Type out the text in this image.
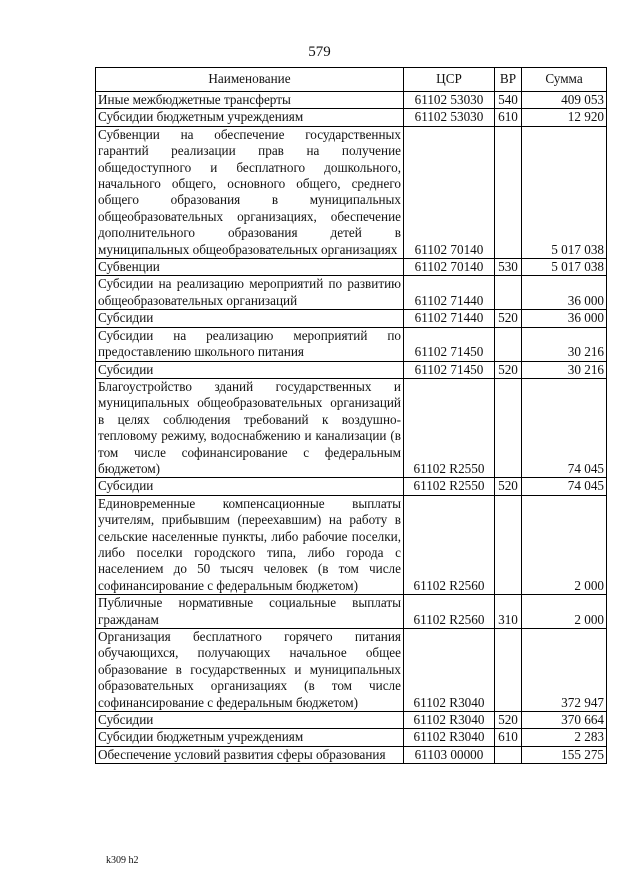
579
Наименование	ЦСР	ВР	Сумма
Иные межбюджетные трансферты	61102 53030	540	409 053
Субсидии бюджетным учреждениям	61102 53030	610	12 920
Субвенции на обеспечение государственных гарантий реализации прав на получение общедоступного и бесплатного дошкольного, начального общего, основного общего, среднего общего образования в муниципальных общеобразовательных организациях, обеспечение дополнительного образования детей в муниципальных общеобразовательных организациях	61102 70140		5 017 038
Субвенции	61102 70140	530	5 017 038
Субсидии на реализацию мероприятий по развитию общеобразовательных организаций	61102 71440		36 000
Субсидии	61102 71440	520	36 000
Субсидии на реализацию мероприятий по предоставлению школьного питания	61102 71450		30 216
Субсидии	61102 71450	520	30 216
Благоустройство зданий государственных и муниципальных общеобразовательных организаций в целях соблюдения требований к воздушно-тепловому режиму, водоснабжению и канализации (в том числе софинансирование с федеральным бюджетом)	61102 R2550		74 045
Субсидии	61102 R2550	520	74 045
Единовременные компенсационные выплаты учителям, прибывшим (переехавшим) на работу в сельские населенные пункты, либо рабочие поселки, либо поселки городского типа, либо города с населением до 50 тысяч человек (в том числе софинансирование с федеральным бюджетом)	61102 R2560		2 000
Публичные нормативные социальные выплаты гражданам	61102 R2560	310	2 000
Организация бесплатного горячего питания обучающихся, получающих начальное общее образование в государственных и муниципальных образовательных организациях (в том числе софинансирование с федеральным бюджетом)	61102 R3040		372 947
Субсидии	61102 R3040	520	370 664
Субсидии бюджетным учреждениям	61102 R3040	610	2 283
Обеспечение условий развития сферы образования	61103 00000		155 275
k309 h2
